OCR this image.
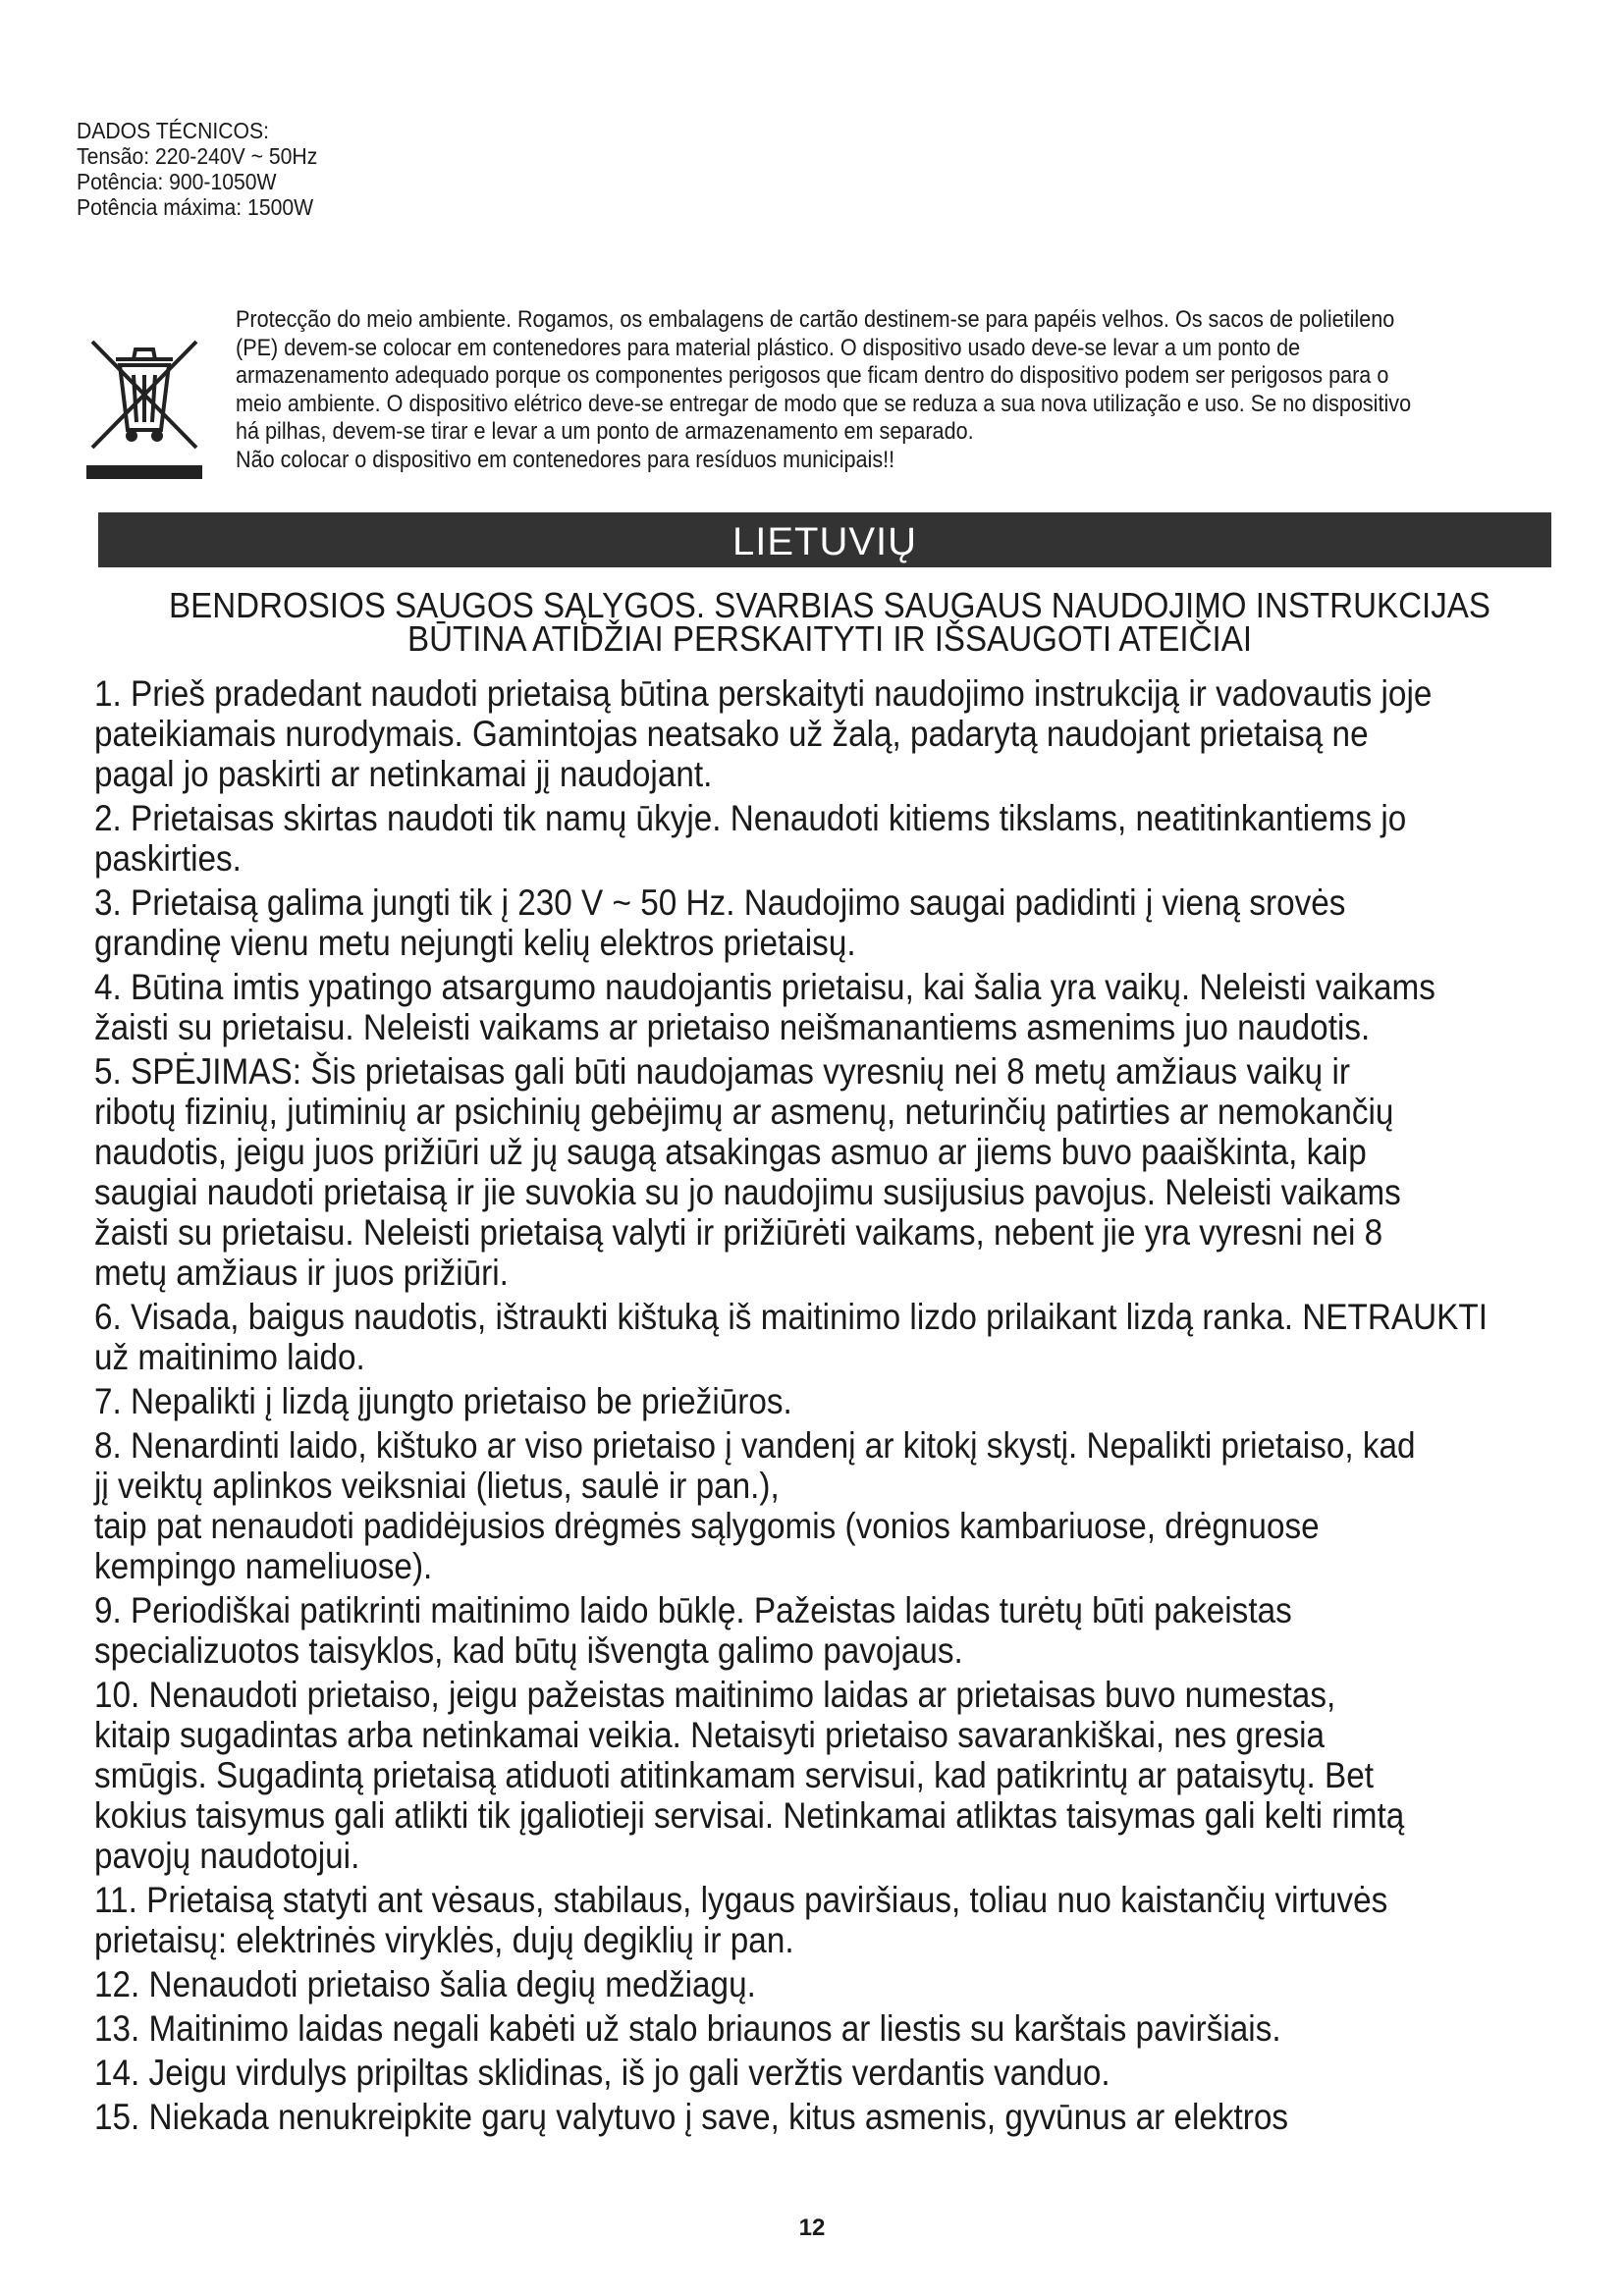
DADOS TÉCNICOS:
Tensão: 220-240V ~ 50Hz
Potência: 900-1050W
Potência máxima: 1500W
Protecção do meio ambiente. Rogamos, os embalagens de cartão destinem-se para papéis velhos. Os sacos de polietileno
(PE) devem-se colocar em contenedores para material plástico. O dispositivo usado deve-se levar a um ponto de
armazenamento adequado porque os componentes perigosos que ficam dentro do dispositivo podem ser perigosos para o
meio ambiente. O dispositivo elétrico deve-se entregar de modo que se reduza a sua nova utilização e uso. Se no dispositivo
há pilhas, devem-se tirar e levar a um ponto de armazenamento em separado.
Não colocar o dispositivo em contenedores para resíduos municipais!!
LIETUVIŲ
BENDROSIOS SAUGOS SĄLYGOS. SVARBIAS SAUGAUS NAUDOJIMO INSTRUKCIJAS
BŪTINA ATIDŽIAI PERSKAITYTI IR IŠSAUGOTI ATEIČIAI
1. Prieš pradedant naudoti prietaisą būtina perskaityti naudojimo instrukciją ir vadovautis joje
pateikiamais nurodymais. Gamintojas neatsako už žalą, padarytą naudojant prietaisą ne
pagal jo paskirti ar netinkamai jį naudojant.
2. Prietaisas skirtas naudoti tik namų ūkyje. Nenaudoti kitiems tikslams, neatitinkantiems jo
paskirties.
3. Prietaisą galima jungti tik į 230 V ~ 50 Hz. Naudojimo saugai padidinti į vieną srovės
grandinę vienu metu nejungti kelių elektros prietaisų.
4. Būtina imtis ypatingo atsargumo naudojantis prietaisu, kai šalia yra vaikų. Neleisti vaikams
žaisti su prietaisu. Neleisti vaikams ar prietaiso neišmanantiems asmenims juo naudotis.
5. SPĖJIMAS: Šis prietaisas gali būti naudojamas vyresnių nei 8 metų amžiaus vaikų ir
ribotų fizinių, jutiminių ar psichinių gebėjimų ar asmenų, neturinčių patirties ar nemokančių
naudotis, jeigu juos prižiūri už jų saugą atsakingas asmuo ar jiems buvo paaiškinta, kaip
saugiai naudoti prietaisą ir jie suvokia su jo naudojimu susijusius pavojus. Neleisti vaikams
žaisti su prietaisu. Neleisti prietaisą valyti ir prižiūrėti vaikams, nebent jie yra vyresni nei 8
metų amžiaus ir juos prižiūri.
6. Visada, baigus naudotis, ištraukti kištuką iš maitinimo lizdo prilaikant lizdą ranka. NETRAUKTI
už maitinimo laido.
7. Nepalikti į lizdą įjungto prietaiso be priežiūros.
8. Nenardinti laido, kištuko ar viso prietaiso į vandenį ar kitokį skystį. Nepalikti prietaiso, kad
jį veiktų aplinkos veiksniai (lietus, saulė ir pan.),
taip pat nenaudoti padidėjusios drėgmės sąlygomis (vonios kambariuose, drėgnuose
kempingo nameliuose).
9. Periodiškai patikrinti maitinimo laido būklę. Pažeistas laidas turėtų būti pakeistas
specializuotos taisyklos, kad būtų išvengta galimo pavojaus.
10. Nenaudoti prietaiso, jeigu pažeistas maitinimo laidas ar prietaisas buvo numestas,
kitaip sugadintas arba netinkamai veikia. Netaisyti prietaiso savarankiškai, nes gresia
smūgis. Sugadintą prietaisą atiduoti atitinkamam servisui, kad patikrintų ar pataisytų. Bet
kokius taisymus gali atlikti tik įgaliotieji servisai. Netinkamai atliktas taisymas gali kelti rimtą
pavojų naudotojui.
11. Prietaisą statyti ant vėsaus, stabilaus, lygaus paviršiaus, toliau nuo kaistančių virtuvės
prietaisų: elektrinės viryklės, dujų degiklių ir pan.
12. Nenaudoti prietaiso šalia degių medžiagų.
13. Maitinimo laidas negali kabėti už stalo briaunos ar liestis su karštais paviršiais.
14. Jeigu virdulys pripiltas sklidinas, iš jo gali veržtis verdantis vanduo.
15. Niekada nenukreipkite garų valytuvo į save, kitus asmenis, gyvūnus ar elektros
12
